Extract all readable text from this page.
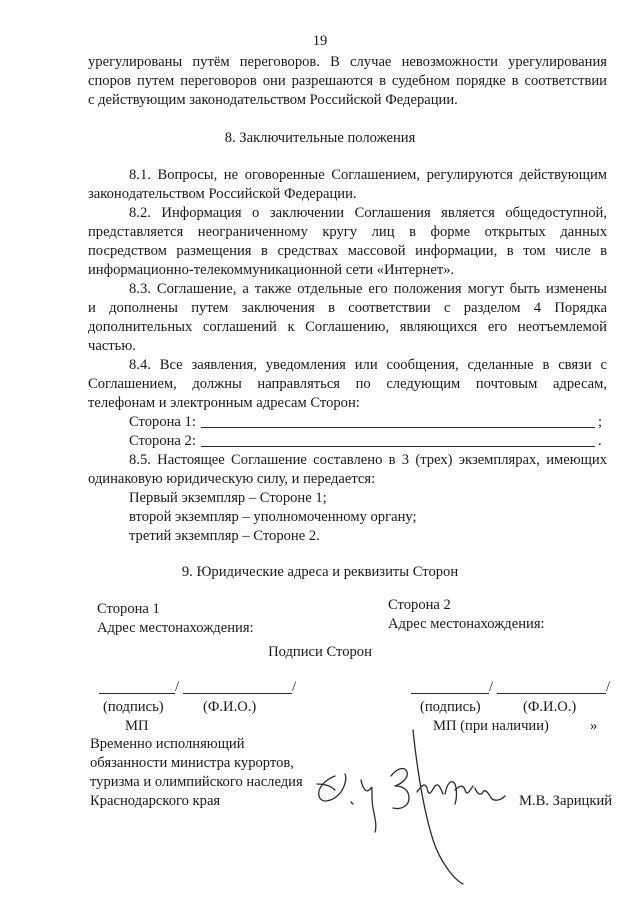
19
урегулированы путём переговоров. В случае невозможности урегулирования
споров путем переговоров они разрешаются в судебном порядке в соответствии
с действующим законодательством Российской Федерации.
8. Заключительные положения
8.1. Вопросы, не оговоренные Соглашением, регулируются действующим
законодательством Российской Федерации.
8.2. Информация о заключении Соглашения является общедоступной,
представляется неограниченному кругу лиц в форме открытых данных
посредством размещения в средствах массовой информации, в том числе в
информационно-телекоммуникационной сети «Интернет».
8.3. Соглашение, а также отдельные его положения могут быть изменены
и дополнены путем заключения в соответствии с разделом 4 Порядка
дополнительных соглашений к Соглашению, являющихся его неотъемлемой
частью.
8.4. Все заявления, уведомления или сообщения, сделанные в связи с
Соглашением, должны направляться по следующим почтовым адресам,
телефонам и электронным адресам Сторон:
Сторона 1:	;
Сторона 2:	.
8.5. Настоящее Соглашение составлено в 3 (трех) экземплярах, имеющих
одинаковую юридическую силу, и передается:
Первый экземпляр – Стороне 1;
второй экземпляр – уполномоченному органу;
третий экземпляр – Стороне 2.
9. Юридические адреса и реквизиты Сторон
Сторона 1
Адрес местонахождения:
Сторона 2
Адрес местонахождения:
Подписи Сторон
/	/
(подпись)	(Ф.И.О.)
МП
/	/
(подпись)	(Ф.И.О.)
МП (при наличии)	»
Временно исполняющий
обязанности министра курортов,
туризма и олимпийского наследия
Краснодарского края	М.В. Зарицкий
